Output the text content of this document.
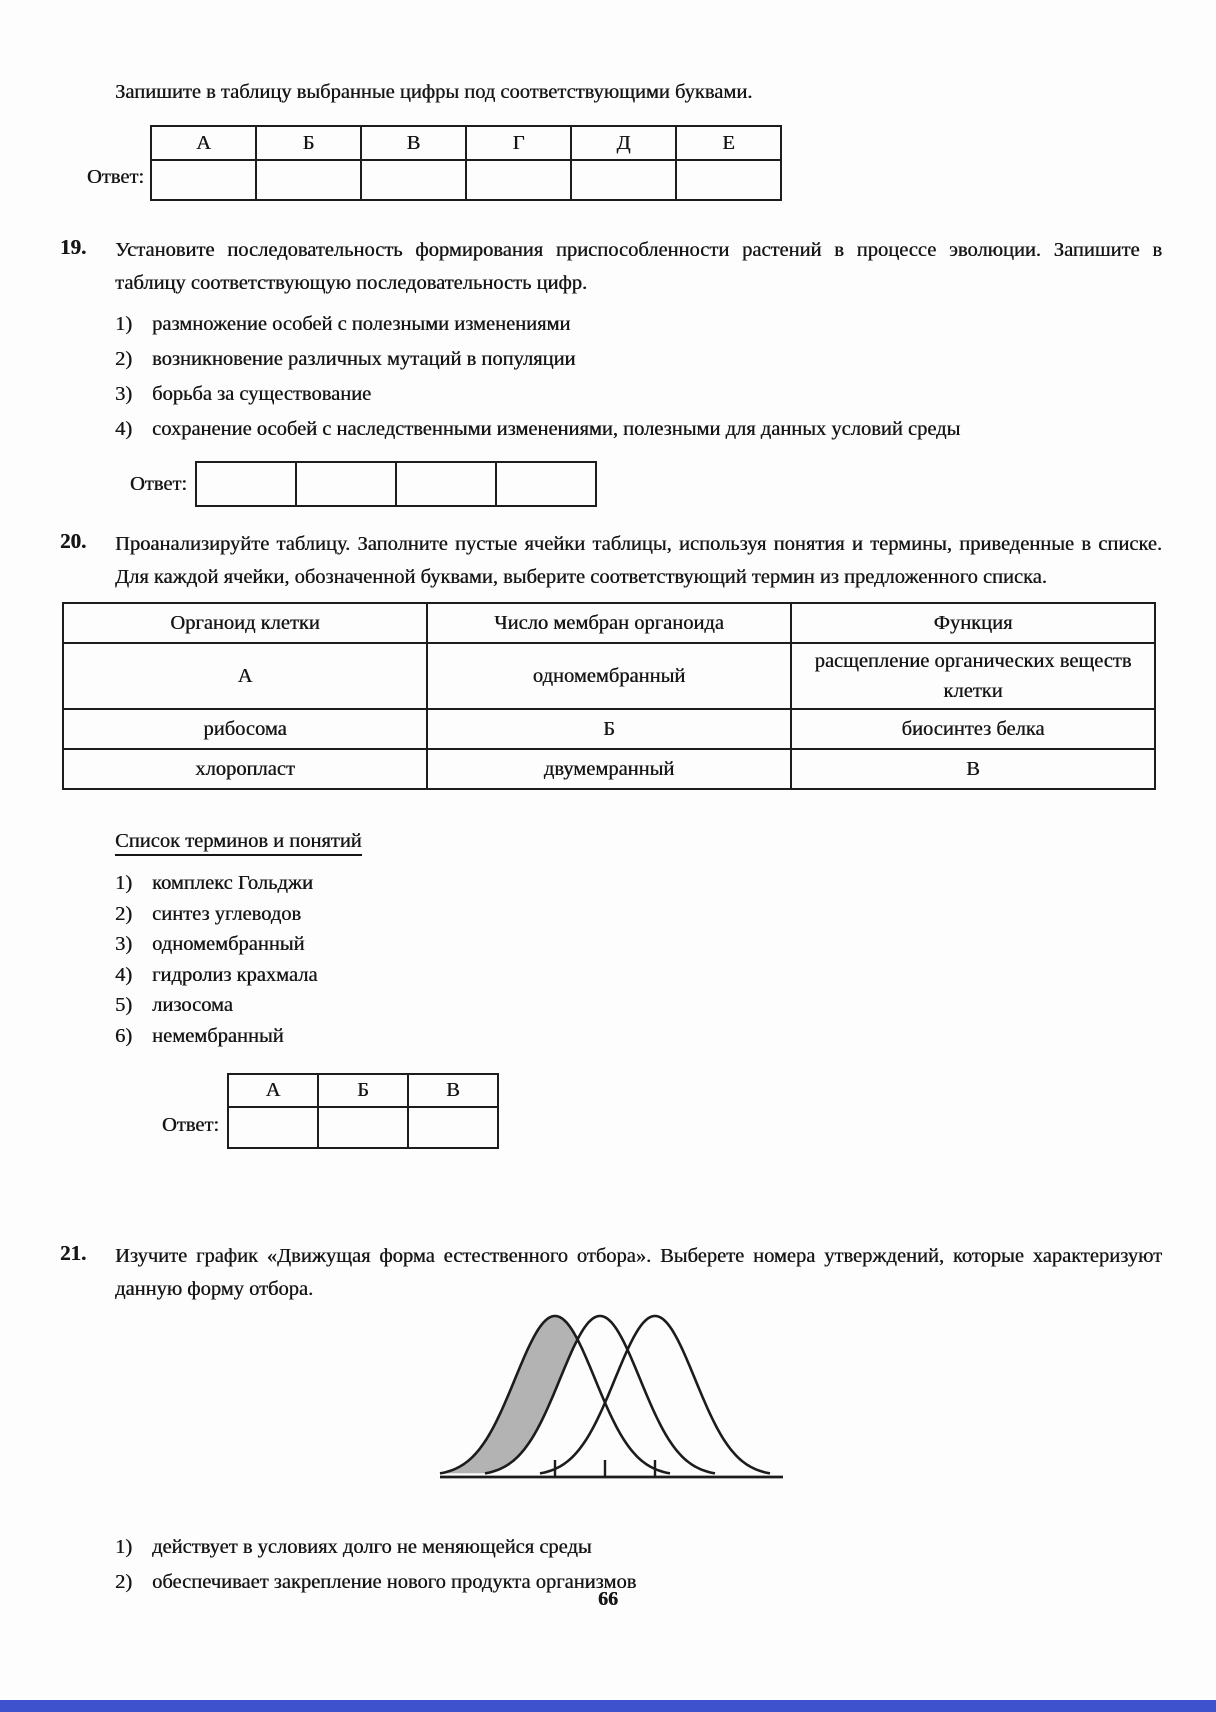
Запишите в таблицу выбранные цифры под соответствующими буквами.

Ответ:
А	Б	В	Г	Д	Е

19.	Установите последовательность формирования приспособленности растений в процессе эволюции. Запишите в таблицу соответствующую последовательность цифр.

1) размножение особей с полезными изменениями
2) возникновение различных мутаций в популяции
3) борьба за существование
4) сохранение особей с наследственными изменениями, полезными для данных условий среды
Ответ:

20.	Проанализируйте таблицу. Заполните пустые ячейки таблицы, используя понятия и термины, приведенные в списке. Для каждой ячейки, обозначенной буквами, выберите соответствующий термин из предложенного списка.

Органоид клетки	Число мембран органоида	Функция
А	одномембранный	расщепление органических веществ клетки
рибосома	Б	биосинтез белка
хлоропласт	двумемранный	В
Список терминов и понятий
1) комплекс Гольджи
2) синтез углеводов
3) одномембранный
4) гидролиз крахмала
5) лизосома
6) немембранный
Ответ:
А	Б	В

21.	Изучите график «Движущая форма естественного отбора». Выберете номера утверждений, которые характеризуют данную форму отбора.

1) действует в условиях долго не меняющейся среды
2) обеспечивает закрепление нового продукта организмов
66
